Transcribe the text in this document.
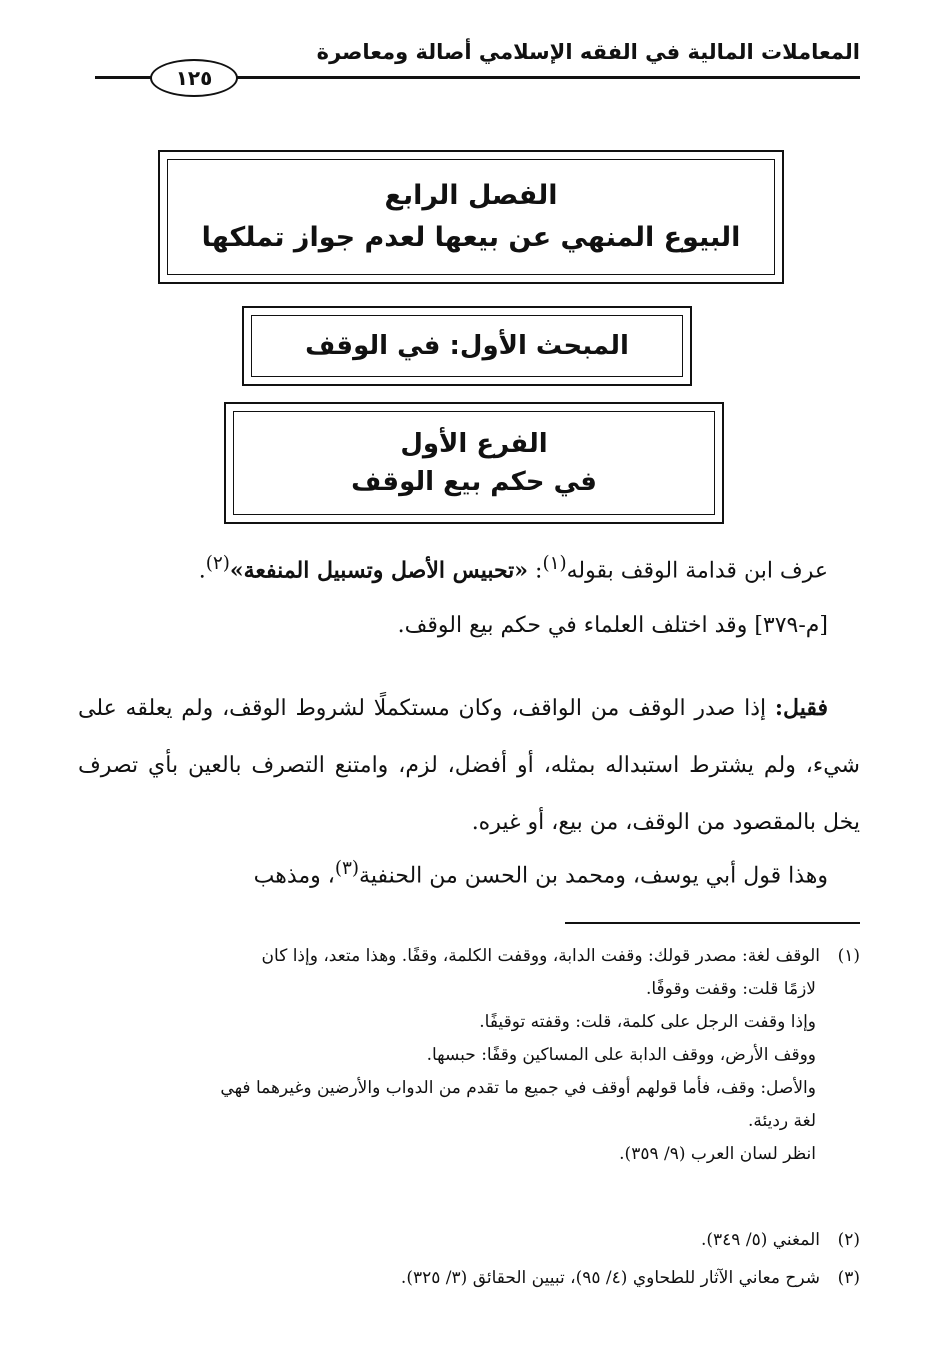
المعاملات المالية في الفقه الإسلامي أصالة ومعاصرة
١٢٥
الفصل الرابع
البيوع المنهي عن بيعها لعدم جواز تملكها
المبحث الأول: في الوقف
الفرع الأول
في حكم بيع الوقف
عرف ابن قدامة الوقف بقوله$^{(١)}$: «تحبيس الأصل وتسبيل المنفعة»$^{(٢)}$.
[م-٣٧٩] وقد اختلف العلماء في حكم بيع الوقف.
فقيل: إذا صدر الوقف من الواقف، وكان مستكملًا لشروط الوقف، ولم يعلقه على شيء، ولم يشترط استبداله بمثله، أو أفضل، لزم، وامتنع التصرف بالعين بأي تصرف يخل بالمقصود من الوقف، من بيع، أو غيره.
وهذا قول أبي يوسف، ومحمد بن الحسن من الحنفية$^{(٣)}$، ومذهب
(١)الوقف لغة: مصدر قولك: وقفت الدابة، ووقفت الكلمة، وقفًا. وهذا متعد، وإذا كان
لازمًا قلت: وقفت وقوفًا.
وإذا وقفت الرجل على كلمة، قلت: وقفته توقيفًا.
ووقف الأرض، ووقف الدابة على المساكين وقفًا: حبسها.
والأصل: وقف، فأما قولهم أوقف في جميع ما تقدم من الدواب والأرضين وغيرهما فهي
لغة رديئة.
انظر لسان العرب (٩/ ٣٥٩).
(٢)المغني (٥/ ٣٤٩).
(٣)شرح معاني الآثار للطحاوي (٤/ ٩٥)، تبيين الحقائق (٣/ ٣٢٥).
